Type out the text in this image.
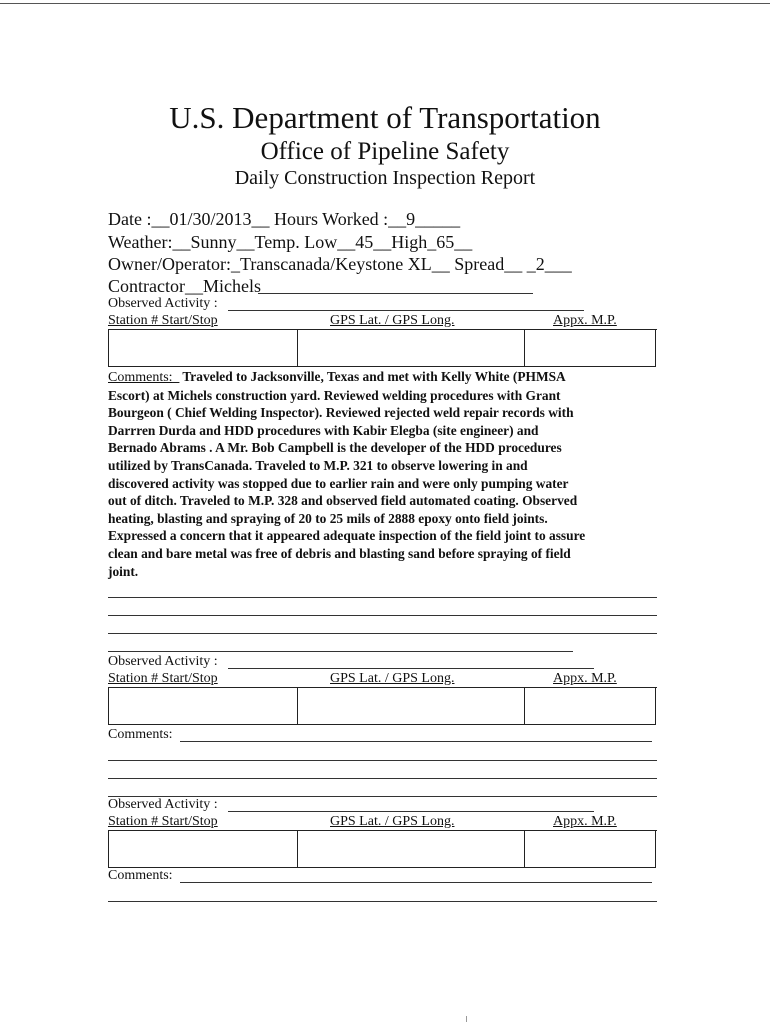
U.S. Department of Transportation
Office of Pipeline Safety
Daily Construction Inspection Report
Date :__01/30/2013__ Hours Worked :__9_____
Weather:__Sunny__Temp. Low__45__High_65__
Owner/Operator:_Transcanada/Keystone XL__ Spread__ _2___
Contractor__Michels
Observed Activity :
Station # Start/Stop	GPS Lat. / GPS Long.	Appx. M.P.
Comments:_ Traveled to Jacksonville, Texas and met with Kelly White (PHMSA
Escort) at Michels construction yard. Reviewed welding procedures with Grant
Bourgeon ( Chief Welding Inspector). Reviewed rejected weld repair records with
Darrren Durda and HDD procedures with Kabir Elegba (site engineer) and
Bernado Abrams . A Mr. Bob Campbell is the developer of the HDD procedures
utilized by TransCanada. Traveled to M.P. 321 to observe lowering in and
discovered activity was stopped due to earlier rain and were only pumping water
out of ditch. Traveled to M.P. 328 and observed field automated coating. Observed
heating, blasting and spraying of 20 to 25 mils of 2888 epoxy onto field joints.
Expressed a concern that it appeared adequate inspection of the field joint to assure
clean and bare metal was free of debris and blasting sand before spraying of field
joint.
Observed Activity :
Station # Start/Stop	GPS Lat. / GPS Long.	Appx. M.P.
Comments:
Observed Activity :
Station # Start/Stop	GPS Lat. / GPS Long.	Appx. M.P.
Comments:
